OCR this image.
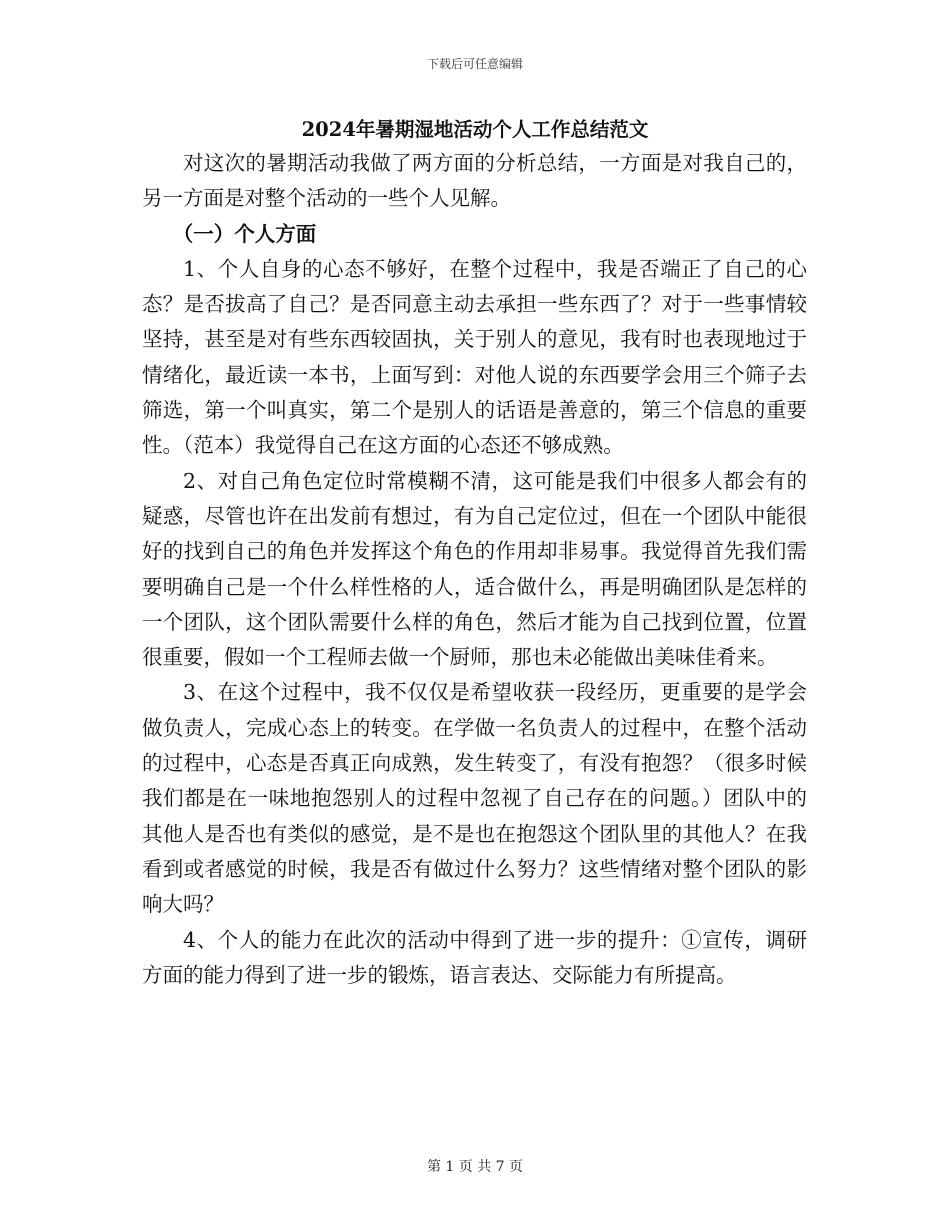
下载后可任意编辑
2024年暑期湿地活动个人工作总结范文

对这次的暑期活动我做了两方面的分析总结，一方面是对我自己的，另一方面是对整个活动的一些个人见解。

（一）个人方面

1、个人自身的心态不够好，在整个过程中，我是否端正了自己的心态？是否拔高了自己？是否同意主动去承担一些东西了？对于一些事情较坚持，甚至是对有些东西较固执，关于别人的意见，我有时也表现地过于情绪化，最近读一本书，上面写到：对他人说的东西要学会用三个筛子去筛选，第一个叫真实，第二个是别人的话语是善意的，第三个信息的重要性。（范本）我觉得自己在这方面的心态还不够成熟。

2、对自己角色定位时常模糊不清，这可能是我们中很多人都会有的疑惑，尽管也许在出发前有想过，有为自己定位过，但在一个团队中能很好的找到自己的角色并发挥这个角色的作用却非易事。我觉得首先我们需要明确自己是一个什么样性格的人，适合做什么，再是明确团队是怎样的一个团队，这个团队需要什么样的角色，然后才能为自己找到位置，位置很重要，假如一个工程师去做一个厨师，那也未必能做出美味佳肴来。

3、在这个过程中，我不仅仅是希望收获一段经历，更重要的是学会做负责人，完成心态上的转变。在学做一名负责人的过程中，在整个活动的过程中，心态是否真正向成熟，发生转变了，有没有抱怨？（很多时候我们都是在一味地抱怨别人的过程中忽视了自己存在的问题。）团队中的其他人是否也有类似的感觉，是不是也在抱怨这个团队里的其他人？在我看到或者感觉的时候，我是否有做过什么努力？这些情绪对整个团队的影响大吗？

4、个人的能力在此次的活动中得到了进一步的提升：①宣传，调研方面的能力得到了进一步的锻炼，语言表达、交际能力有所提高。

第 1 页 共 7 页
